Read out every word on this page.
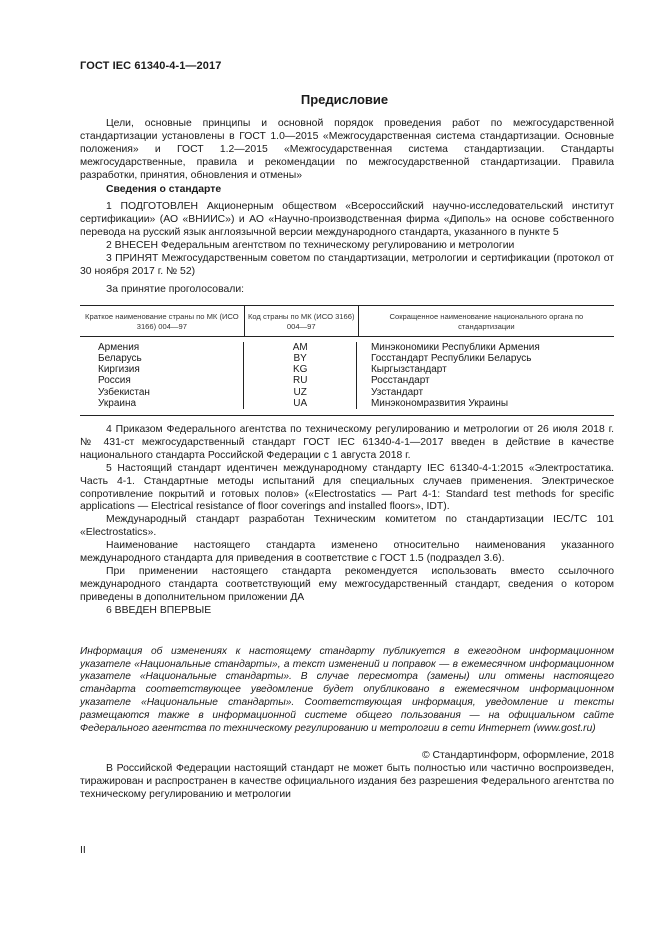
ГОСТ IEC 61340-4-1—2017
Предисловие

Цели, основные принципы и основной порядок проведения работ по межгосударственной стандартизации установлены в ГОСТ 1.0—2015 «Межгосударственная система стандартизации. Основные положения» и ГОСТ 1.2—2015 «Межгосударственная система стандартизации. Стандарты межгосударственные, правила и рекомендации по межгосударственной стандартизации. Правила разработки, принятия, обновления и отмены»

Сведения о стандарте

1 ПОДГОТОВЛЕН Акционерным обществом «Всероссийский научно-исследовательский институт сертификации» (АО «ВНИИС») и АО «Научно-производственная фирма «Диполь» на основе собственного перевода на русский язык англоязычной версии международного стандарта, указанного в пункте 5

2 ВНЕСЕН Федеральным агентством по техническому регулированию и метрологии

3 ПРИНЯТ Межгосударственным советом по стандартизации, метрологии и сертификации (протокол от 30 ноября 2017 г. № 52)

За принятие проголосовали:

Краткое наименование страны по МК (ИСО 3166) 004—97
Код страны по МК (ИСО 3166) 004—97
Сокращенное наименование национального органа по стандартизации
Армения
Беларусь
Киргизия
Россия
Узбекистан
Украина
AM
BY
KG
RU
UZ
UA
Минэкономики Республики Армения
Госстандарт Республики Беларусь
Кыргызстандарт
Росстандарт
Узстандарт
Минэкономразвития Украины

4 Приказом Федерального агентства по техническому регулированию и метрологии от 26 июля 2018 г. № 431-ст межгосударственный стандарт ГОСТ IEC 61340-4-1—2017 введен в действие в качестве национального стандарта Российской Федерации с 1 августа 2018 г.

5 Настоящий стандарт идентичен международному стандарту IEC 61340-4-1:2015 «Электростатика. Часть 4-1. Стандартные методы испытаний для специальных случаев применения. Электрическое сопротивление покрытий и готовых полов» («Electrostatics — Part 4-1: Standard test methods for specific applications — Electrical resistance of floor coverings and installed floors», IDT).

Международный стандарт разработан Техническим комитетом по стандартизации IEC/TC 101 «Electrostatics».

Наименование настоящего стандарта изменено относительно наименования указанного международного стандарта для приведения в соответствие с ГОСТ 1.5 (подраздел 3.6).

При применении настоящего стандарта рекомендуется использовать вместо ссылочного международного стандарта соответствующий ему межгосударственный стандарт, сведения о котором приведены в дополнительном приложении ДА

6 ВВЕДЕН ВПЕРВЫЕ

Информация об изменениях к настоящему стандарту публикуется в ежегодном информационном указателе «Национальные стандарты», а текст изменений и поправок — в ежемесячном информационном указателе «Национальные стандарты». В случае пересмотра (замены) или отмены настоящего стандарта соответствующее уведомление будет опубликовано в ежемесячном информационном указателе «Национальные стандарты». Соответствующая информация, уведомление и тексты размещаются также в информационной системе общего пользования — на официальном сайте Федерального агентства по техническому регулированию и метрологии в сети Интернет (www.gost.ru)

© Стандартинформ, оформление, 2018

В Российской Федерации настоящий стандарт не может быть полностью или частично воспроизведен, тиражирован и распространен в качестве официального издания без разрешения Федерального агентства по техническому регулированию и метрологии

II
